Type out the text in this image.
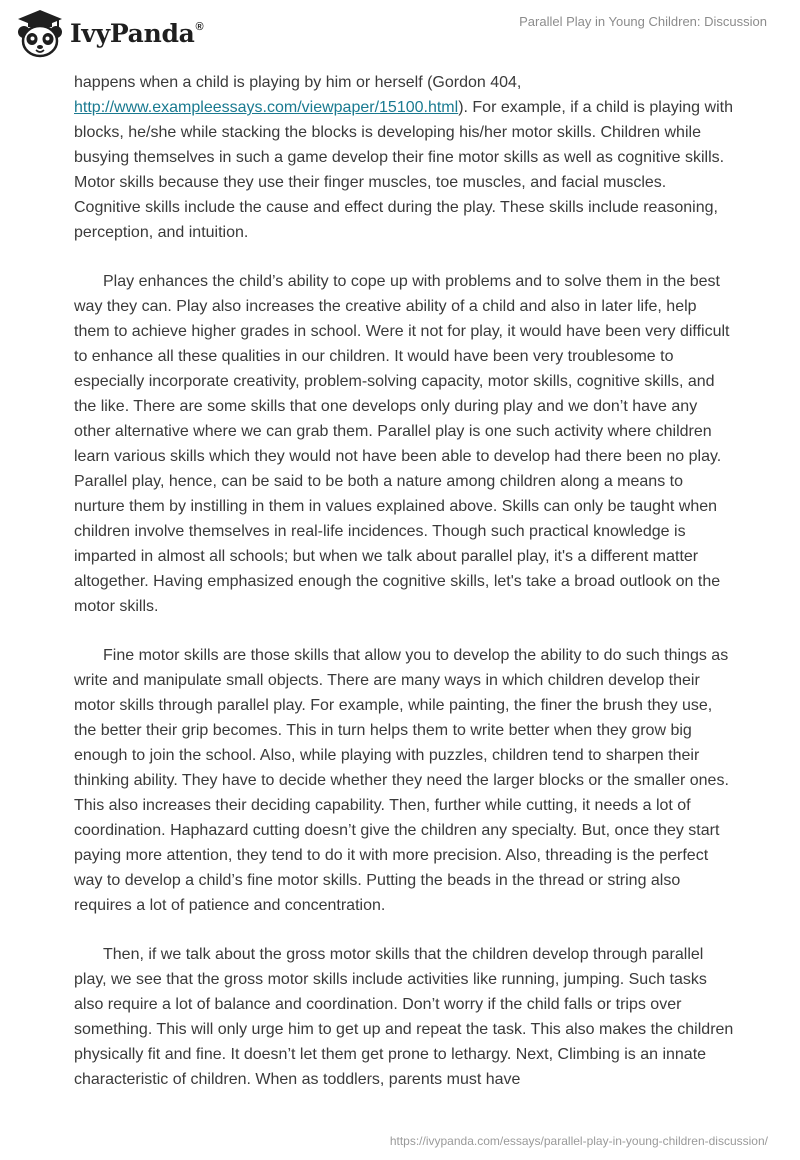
IvyPanda®	Parallel Play in Young Children: Discussion

happens when a child is playing by him or herself (Gordon 404, http://www.exampleessays.com/viewpaper/15100.html). For example, if a child is playing with blocks, he/she while stacking the blocks is developing his/her motor skills. Children while busying themselves in such a game develop their fine motor skills as well as cognitive skills. Motor skills because they use their finger muscles, toe muscles, and facial muscles. Cognitive skills include the cause and effect during the play. These skills include reasoning, perception, and intuition.

Play enhances the child’s ability to cope up with problems and to solve them in the best way they can. Play also increases the creative ability of a child and also in later life, help them to achieve higher grades in school. Were it not for play, it would have been very difficult to enhance all these qualities in our children. It would have been very troublesome to especially incorporate creativity, problem-solving capacity, motor skills, cognitive skills, and the like. There are some skills that one develops only during play and we don’t have any other alternative where we can grab them. Parallel play is one such activity where children learn various skills which they would not have been able to develop had there been no play. Parallel play, hence, can be said to be both a nature among children along a means to nurture them by instilling in them in values explained above. Skills can only be taught when children involve themselves in real-life incidences. Though such practical knowledge is imparted in almost all schools; but when we talk about parallel play, it's a different matter altogether. Having emphasized enough the cognitive skills, let's take a broad outlook on the motor skills.

Fine motor skills are those skills that allow you to develop the ability to do such things as write and manipulate small objects. There are many ways in which children develop their motor skills through parallel play. For example, while painting, the finer the brush they use, the better their grip becomes. This in turn helps them to write better when they grow big enough to join the school. Also, while playing with puzzles, children tend to sharpen their thinking ability. They have to decide whether they need the larger blocks or the smaller ones. This also increases their deciding capability. Then, further while cutting, it needs a lot of coordination. Haphazard cutting doesn’t give the children any specialty. But, once they start paying more attention, they tend to do it with more precision. Also, threading is the perfect way to develop a child’s fine motor skills. Putting the beads in the thread or string also requires a lot of patience and concentration.

Then, if we talk about the gross motor skills that the children develop through parallel play, we see that the gross motor skills include activities like running, jumping. Such tasks also require a lot of balance and coordination. Don’t worry if the child falls or trips over something. This will only urge him to get up and repeat the task. This also makes the children physically fit and fine. It doesn’t let them get prone to lethargy. Next, Climbing is an innate characteristic of children. When as toddlers, parents must have

https://ivypanda.com/essays/parallel-play-in-young-children-discussion/
